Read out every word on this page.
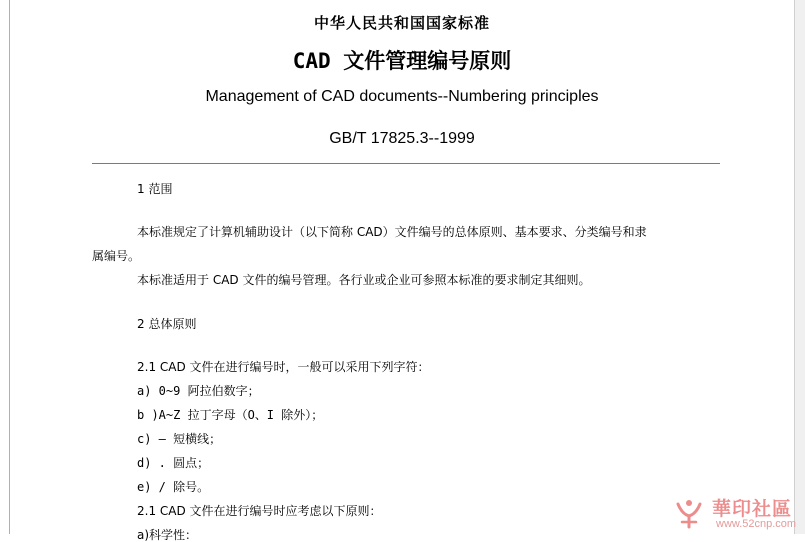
中华人民共和国国家标准
CAD 文件管理编号原则
Management of CAD documents--Numbering principles
GB/T 17825.3--1999
1 范围
本标准规定了计算机辅助设计（以下简称 CAD）文件编号的总体原则、基本要求、分类编号和隶
属编号。
本标准适用于 CAD 文件的编号管理。各行业或企业可参照本标准的要求制定其细则。
2 总体原则
2.1 CAD 文件在进行编号时，一般可以采用下列字符：
a) 0~9 阿拉伯数字；
b )A~Z 拉丁字母（O、I 除外）；
c) – 短横线；
d) . 圆点；
e) / 除号。
2.1 CAD 文件在进行编号时应考虑以下原则：
a)科学性：
華印社區
www.52cnp.com
